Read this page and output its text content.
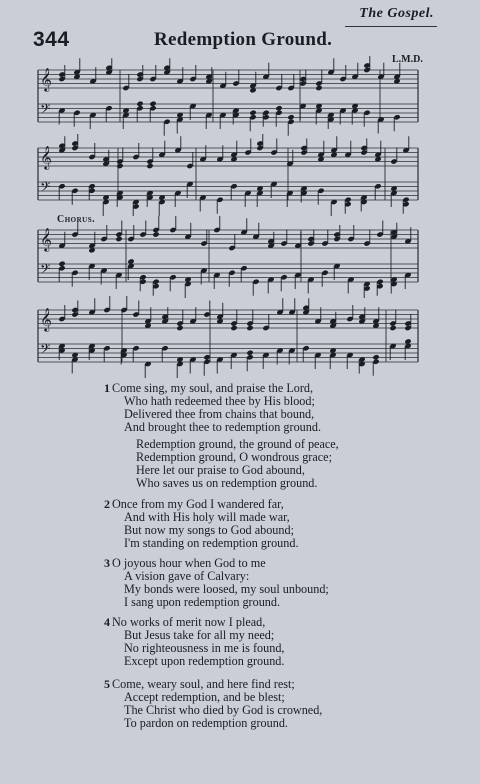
The Gospel.
344	Redemption Ground.
L.M.D.
𝄞
𝄢
𝄞
𝄢
𝄞
𝄢
𝄞
𝄢
Chorus.
1 Come sing, my soul, and praise the Lord,
Who hath redeemed thee by His blood;
Delivered thee from chains that bound,
And brought thee to redemption ground.
Redemption ground, the ground of peace,
Redemption ground, O wondrous grace;
Here let our praise to God abound,
Who saves us on redemption ground.
2 Once from my God I wandered far,
And with His holy will made war,
But now my songs to God abound;
I'm standing on redemption ground.
3 O joyous hour when God to me
A vision gave of Calvary:
My bonds were loosed, my soul unbound;
I sang upon redemption ground.
4 No works of merit now I plead,
But Jesus take for all my need;
No righteousness in me is found,
Except upon redemption ground.
5 Come, weary soul, and here find rest;
Accept redemption, and be blest;
The Christ who died by God is crowned,
To pardon on redemption ground.
